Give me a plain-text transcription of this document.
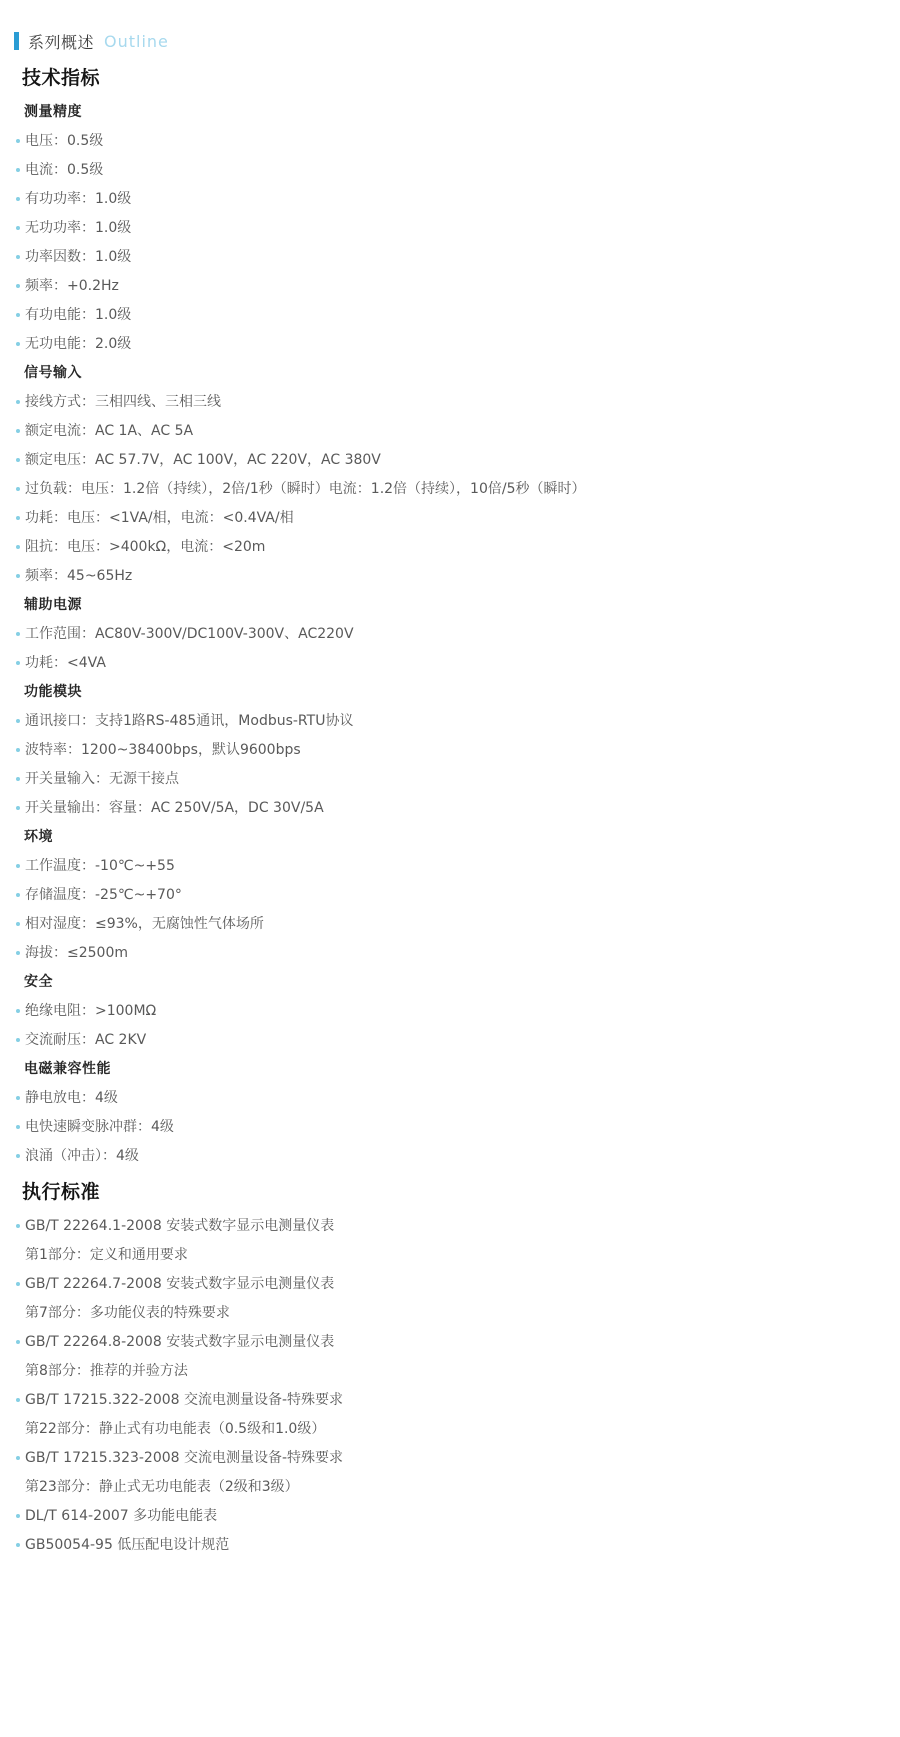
系列概述 Outline
技术指标
测量精度
电压：0.5级
电流：0.5级
有功功率：1.0级
无功功率：1.0级
功率因数：1.0级
频率：+0.2Hz
有功电能：1.0级
无功电能：2.0级
信号输入
接线方式：三相四线、三相三线
额定电流：AC 1A、AC 5A
额定电压：AC 57.7V，AC 100V，AC 220V，AC 380V
过负载：电压：1.2倍（持续），2倍/1秒（瞬时）电流：1.2倍（持续），10倍/5秒（瞬时）
功耗：电压：<1VA/相，电流：<0.4VA/相
阻抗：电压：>400kΩ，电流：<20m
频率：45~65Hz
辅助电源
工作范围：AC80V-300V/DC100V-300V、AC220V
功耗：<4VA
功能模块
通讯接口：支持1路RS-485通讯，Modbus-RTU协议
波特率：1200~38400bps，默认9600bps
开关量输入：无源干接点
开关量输出：容量：AC 250V/5A，DC 30V/5A
环境
工作温度：-10℃~+55
存储温度：-25℃~+70°
相对湿度：≤93%，无腐蚀性气体场所
海拔：≤2500m
安全
绝缘电阻：>100MΩ
交流耐压：AC 2KV
电磁兼容性能
静电放电：4级
电快速瞬变脉冲群：4级
浪涌（冲击）：4级
执行标准
GB/T 22264.1-2008 安装式数字显示电测量仪表
第1部分：定义和通用要求
GB/T 22264.7-2008 安装式数字显示电测量仪表
第7部分：多功能仪表的特殊要求
GB/T 22264.8-2008 安装式数字显示电测量仪表
第8部分：推荐的并验方法
GB/T 17215.322-2008 交流电测量设备-特殊要求
第22部分：静止式有功电能表（0.5级和1.0级）
GB/T 17215.323-2008 交流电测量设备-特殊要求
第23部分：静止式无功电能表（2级和3级）
DL/T 614-2007 多功能电能表
GB50054-95 低压配电设计规范
